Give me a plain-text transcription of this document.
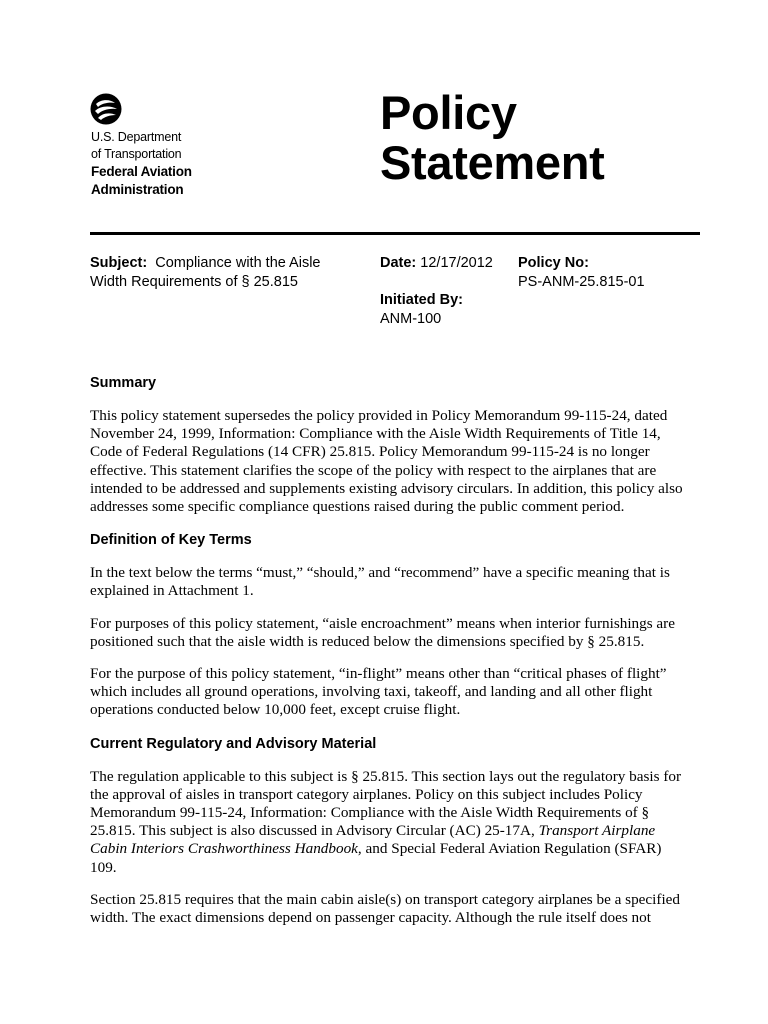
U.S. Department
of Transportation
Federal Aviation
Administration
Policy
Statement
Subject: Compliance with the Aisle
Width Requirements of § 25.815
Date: 12/17/2012 Policy No:
PS-ANM-25.815-01
Initiated By:
ANM-100
Summary

This policy statement supersedes the policy provided in Policy Memorandum 99-115-24, dated November 24, 1999, Information: Compliance with the Aisle Width Requirements of Title 14, Code of Federal Regulations (14 CFR) 25.815. Policy Memorandum 99-115-24 is no longer effective. This statement clarifies the scope of the policy with respect to the airplanes that are intended to be addressed and supplements existing advisory circulars. In addition, this policy also addresses some specific compliance questions raised during the public comment period.

Definition of Key Terms

In the text below the terms “must,” “should,” and “recommend” have a specific meaning that is explained in Attachment 1.

For purposes of this policy statement, “aisle encroachment” means when interior furnishings are positioned such that the aisle width is reduced below the dimensions specified by § 25.815.

For the purpose of this policy statement, “in-flight” means other than “critical phases of flight” which includes all ground operations, involving taxi, takeoff, and landing and all other flight operations conducted below 10,000 feet, except cruise flight.

Current Regulatory and Advisory Material

The regulation applicable to this subject is § 25.815. This section lays out the regulatory basis for the approval of aisles in transport category airplanes. Policy on this subject includes Policy Memorandum 99-115-24, Information: Compliance with the Aisle Width Requirements of § 25.815. This subject is also discussed in Advisory Circular (AC) 25-17A, Transport Airplane Cabin Interiors Crashworthiness Handbook, and Special Federal Aviation Regulation (SFAR) 109.

Section 25.815 requires that the main cabin aisle(s) on transport category airplanes be a specified width. The exact dimensions depend on passenger capacity. Although the rule itself does not
